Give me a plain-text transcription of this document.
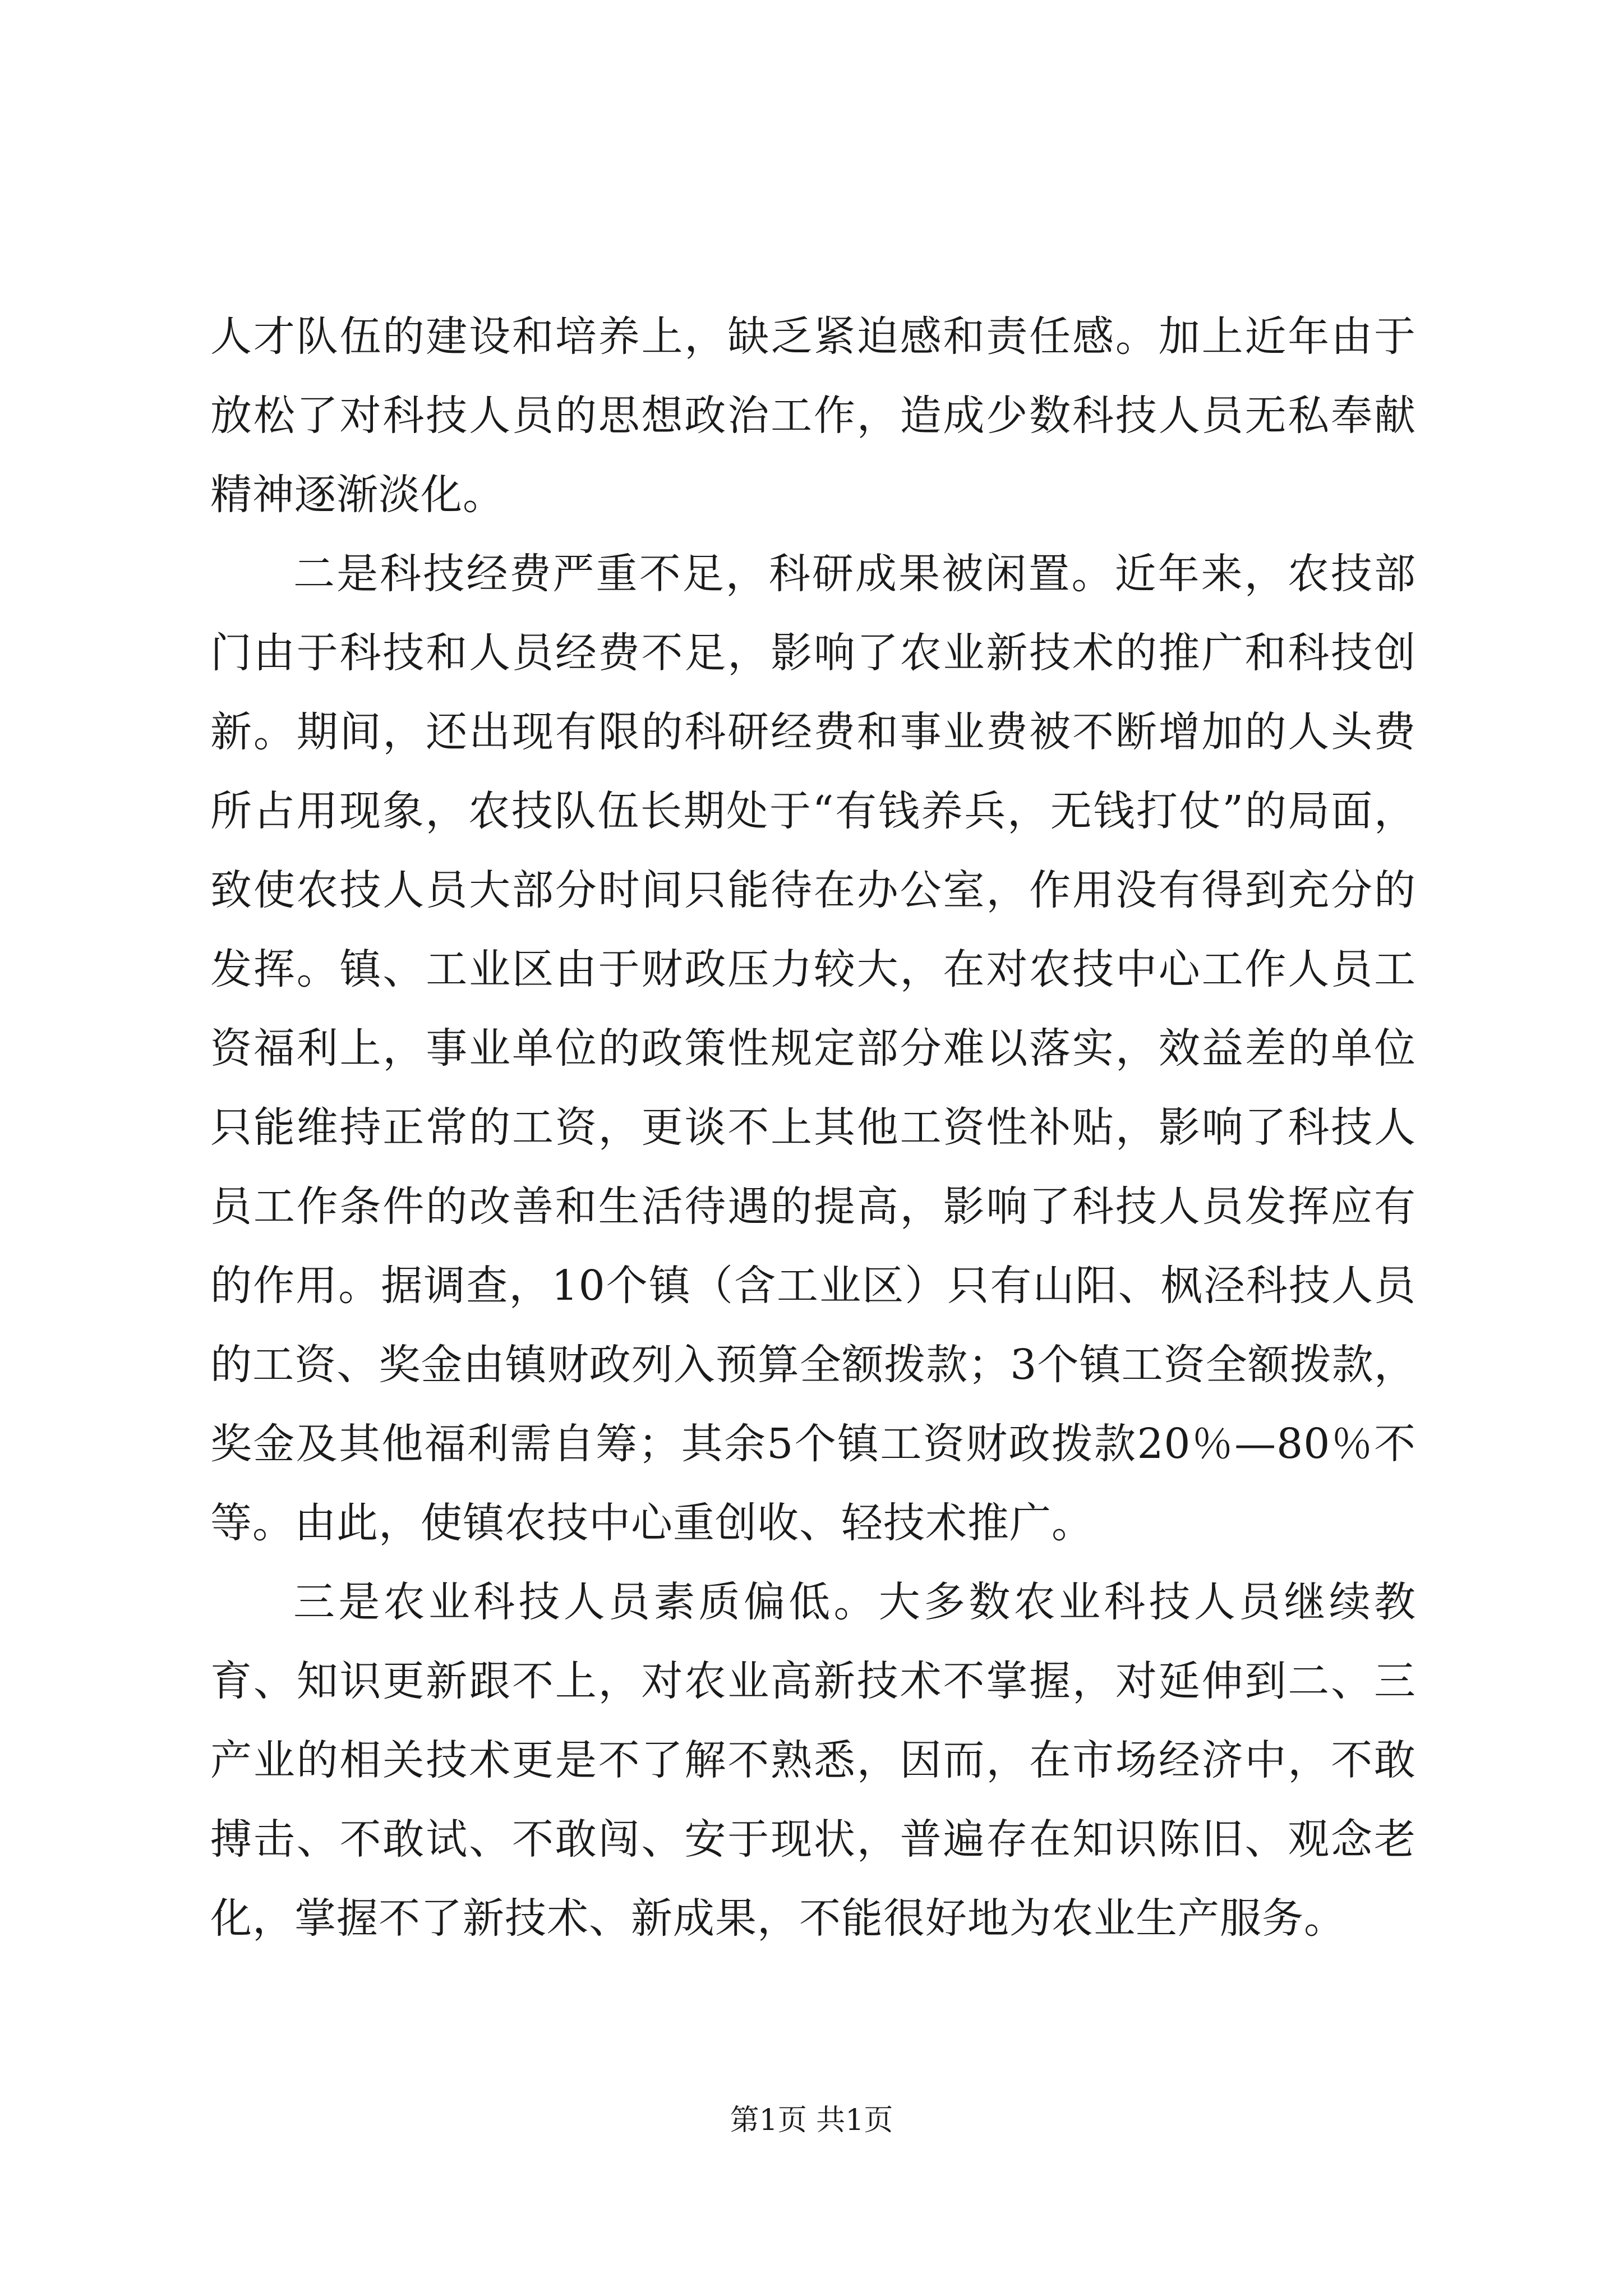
人才队伍的建设和培养上，缺乏紧迫感和责任感。加上近年由于放松了对科技人员的思想政治工作，造成少数科技人员无私奉献精神逐渐淡化。

二是科技经费严重不足，科研成果被闲置。近年来，农技部门由于科技和人员经费不足，影响了农业新技术的推广和科技创新。期间，还出现有限的科研经费和事业费被不断增加的人头费所占用现象，农技队伍长期处于“有钱养兵，无钱打仗”的局面，致使农技人员大部分时间只能待在办公室，作用没有得到充分的发挥。镇、工业区由于财政压力较大，在对农技中心工作人员工资福利上，事业单位的政策性规定部分难以落实，效益差的单位只能维持正常的工资，更谈不上其他工资性补贴，影响了科技人员工作条件的改善和生活待遇的提高，影响了科技人员发挥应有的作用。据调查，10个镇（含工业区）只有山阳、枫泾科技人员的工资、奖金由镇财政列入预算全额拨款；3个镇工资全额拨款，奖金及其他福利需自筹；其余5个镇工资财政拨款20％—80％不等。由此，使镇农技中心重创收、轻技术推广。

三是农业科技人员素质偏低。大多数农业科技人员继续教育、知识更新跟不上，对农业高新技术不掌握，对延伸到二、三产业的相关技术更是不了解不熟悉，因而，在市场经济中，不敢搏击、不敢试、不敢闯、安于现状，普遍存在知识陈旧、观念老化，掌握不了新技术、新成果，不能很好地为农业生产服务。

第1页 共1页
